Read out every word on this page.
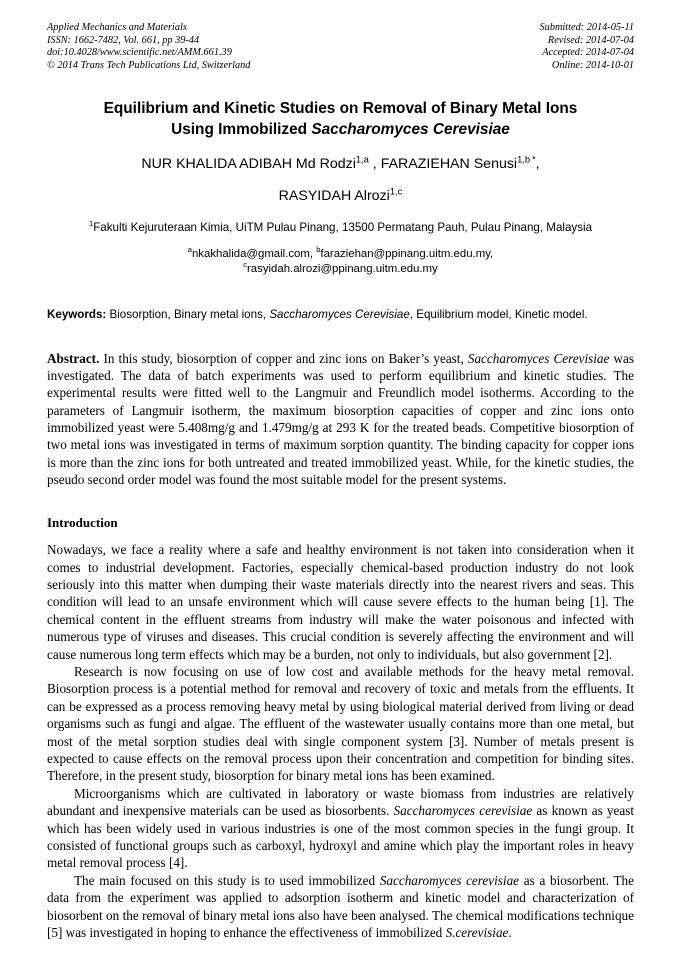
Applied Mechanics and Materials
ISSN: 1662-7482, Vol. 661, pp 39-44
doi:10.4028/www.scientific.net/AMM.661.39
© 2014 Trans Tech Publications Ltd, Switzerland
Submitted: 2014-05-11
Revised: 2014-07-04
Accepted: 2014-07-04
Online: 2014-10-01
Equilibrium and Kinetic Studies on Removal of Binary Metal Ions
Using Immobilized Saccharomyces Cerevisiae
NUR KHALIDA ADIBAH Md Rodzi$^{1,a}$ , FARAZIEHAN Senusi$^{1,b *}$,
RASYIDAH Alrozi$^{1,c}$
$^1$Fakulti Kejuruteraan Kimia, UiTM Pulau Pinang, 13500 Permatang Pauh, Pulau Pinang, Malaysia
$^a$nkakhalida@gmail.com, $^b$faraziehan@ppinang.uitm.edu.my,
$^c$rasyidah.alrozi@ppinang.uitm.edu.my
Keywords: Biosorption, Binary metal ions, Saccharomyces Cerevisiae, Equilibrium model, Kinetic model.
Abstract. In this study, biosorption of copper and zinc ions on Baker’s yeast, Saccharomyces Cerevisiae was investigated. The data of batch experiments was used to perform equilibrium and kinetic studies. The experimental results were fitted well to the Langmuir and Freundlich model isotherms. According to the parameters of Langmuir isotherm, the maximum biosorption capacities of copper and zinc ions onto immobilized yeast were 5.408mg/g and 1.479mg/g at 293 K for the treated beads. Competitive biosorption of two metal ions was investigated in terms of maximum sorption quantity. The binding capacity for copper ions is more than the zinc ions for both untreated and treated immobilized yeast. While, for the kinetic studies, the pseudo second order model was found the most suitable model for the present systems.
Introduction

Nowadays, we face a reality where a safe and healthy environment is not taken into consideration when it comes to industrial development. Factories, especially chemical-based production industry do not look seriously into this matter when dumping their waste materials directly into the nearest rivers and seas. This condition will lead to an unsafe environment which will cause severe effects to the human being [1]. The chemical content in the effluent streams from industry will make the water poisonous and infected with numerous type of viruses and diseases. This crucial condition is severely affecting the environment and will cause numerous long term effects which may be a burden, not only to individuals, but also government [2].

Research is now focusing on use of low cost and available methods for the heavy metal removal. Biosorption process is a potential method for removal and recovery of toxic and metals from the effluents. It can be expressed as a process removing heavy metal by using biological material derived from living or dead organisms such as fungi and algae. The effluent of the wastewater usually contains more than one metal, but most of the metal sorption studies deal with single component system [3]. Number of metals present is expected to cause effects on the removal process upon their concentration and competition for binding sites. Therefore, in the present study, biosorption for binary metal ions has been examined.

Microorganisms which are cultivated in laboratory or waste biomass from industries are relatively abundant and inexpensive materials can be used as biosorbents. Saccharomyces cerevisiae as known as yeast which has been widely used in various industries is one of the most common species in the fungi group. It consisted of functional groups such as carboxyl, hydroxyl and amine which play the important roles in heavy metal removal process [4].

The main focused on this study is to used immobilized Saccharomyces cerevisiae as a biosorbent. The data from the experiment was applied to adsorption isotherm and kinetic model and characterization of biosorbent on the removal of binary metal ions also have been analysed. The chemical modifications technique [5] was investigated in hoping to enhance the effectiveness of immobilized S.cerevisiae.
